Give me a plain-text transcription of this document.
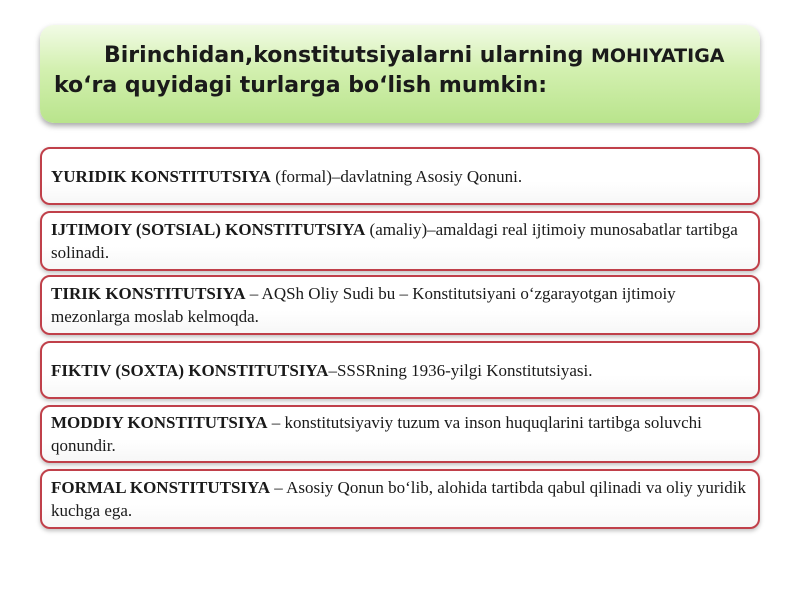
Birinchidan,konstitutsiyalarni ularning MOHIYATIGA
ko‘ra quyidagi turlarga bo‘lish mumkin:
YURIDIK KONSTITUTSIYA (formal)–davlatning Asosiy Qonuni.
IJTIMOIY (SOTSIAL) KONSTITUTSIYA (amaliy)–amaldagi real ijtimoiy munosabatlar tartibga solinadi.
TIRIK KONSTITUTSIYA – AQSh Oliy Sudi bu – Konstitutsiyani o‘zgarayotgan ijtimoiy mezonlarga moslab kelmoqda.
FIKTIV (SOXTA) KONSTITUTSIYA–SSSRning 1936-yilgi Konstitutsiyasi.
MODDIY KONSTITUTSIYA – konstitutsiyaviy tuzum va inson huquqlarini tartibga soluvchi qonundir.
FORMAL KONSTITUTSIYA – Asosiy Qonun bo‘lib, alohida tartibda qabul qilinadi va oliy yuridik kuchga ega.
